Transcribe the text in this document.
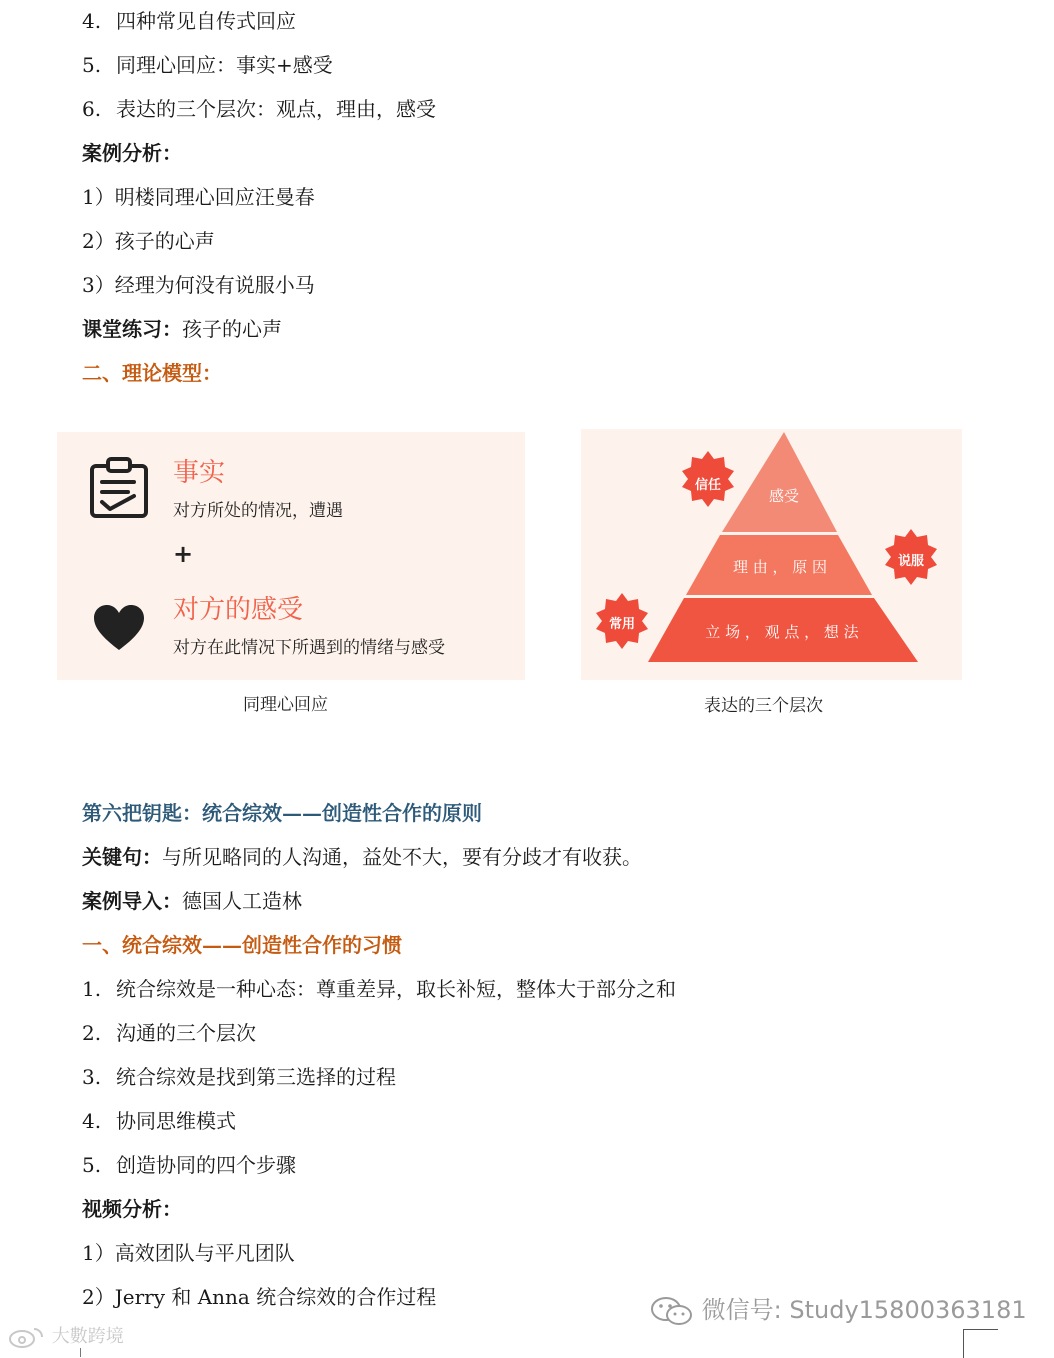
4. 四种常见自传式回应
5. 同理心回应：事实+感受
6. 表达的三个层次：观点，理由，感受
案例分析：
1）明楼同理心回应汪曼春
2）孩子的心声
3）经理为何没有说服小马
课堂练习：孩子的心声
二、理论模型：
事实
对方所处的情况，遭遇
+
对方的感受
对方在此情况下所遇到的情绪与感受
同理心回应
感受
理 由 ， 原 因
立 场 ， 观 点 ， 想 法
信任
说服
常用
表达的三个层次
第六把钥匙：统合综效——创造性合作的原则
关键句：与所见略同的人沟通，益处不大，要有分歧才有收获。
案例导入：德国人工造林
一、统合综效——创造性合作的习惯
1. 统合综效是一种心态：尊重差异，取长补短，整体大于部分之和
2. 沟通的三个层次
3. 统合综效是找到第三选择的过程
4. 协同思维模式
5. 创造协同的四个步骤
视频分析：
1）高效团队与平凡团队
2）Jerry 和 Anna 统合综效的合作过程	微信号: Study15800363181
大數跨境
